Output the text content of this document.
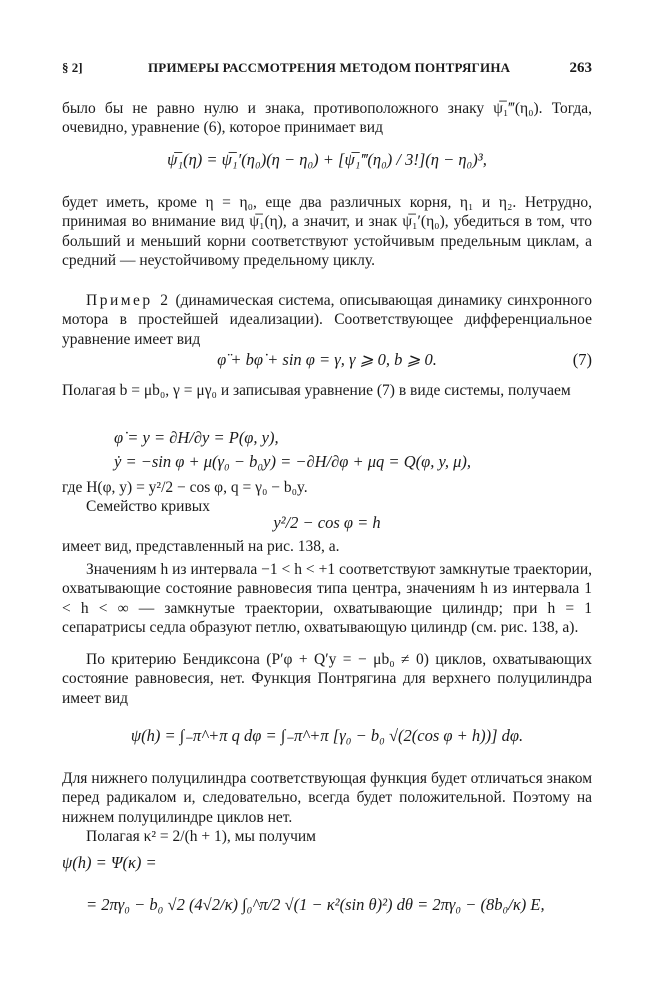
§ 2]	ПРИМЕРЫ РАССМОТРЕНИЯ МЕТОДОМ ПОНТРЯГИНА	263
было бы не равно нулю и знака, противоположного знаку ψ̅₁‴(η₀). Тогда, очевидно, уравнение (6), которое принимает вид
ψ̅₁(η) = ψ̅₁′(η₀)(η − η₀) + [ψ̅₁‴(η₀) / 3!](η − η₀)³,
будет иметь, кроме η = η₀, еще два различных корня, η₁ и η₂. Нетрудно, принимая во внимание вид ψ̅₁(η), а значит, и знак ψ̅₁′(η₀), убедиться в том, что больший и меньший корни соответствуют устойчивым предельным циклам, а средний — неустойчивому предельному циклу.
Пример 2 (динамическая система, описывающая динамику синхронного мотора в простейшей идеализации). Соответствующее дифференциальное уравнение имеет вид
φ̈ + bφ̇ + sin φ = γ, γ ⩾ 0, b ⩾ 0.	(7)
Полагая b = μb₀, γ = μγ₀ и записывая уравнение (7) в виде системы, получаем
φ̇ = y = ∂H/∂y = P(φ, y),
ẏ = −sin φ + μ(γ₀ − b₀y) = −∂H/∂φ + μq = Q(φ, y, μ),
где H(φ, y) = y²/2 − cos φ, q = γ₀ − b₀y.
Семейство кривых
y²/2 − cos φ = h
имеет вид, представленный на рис. 138, а.
Значениям h из интервала −1 < h < +1 соответствуют замкнутые траектории, охватывающие состояние равновесия типа центра, значениям h из интервала 1 < h < ∞ — замкнутые траектории, охватывающие цилиндр; при h = 1 сепаратрисы седла образуют петлю, охватывающую цилиндр (см. рис. 138, а).
По критерию Бендиксона (P′φ + Q′y = − μb₀ ≠ 0) циклов, охватывающих состояние равновесия, нет. Функция Понтрягина для верхнего полуцилиндра имеет вид
ψ(h) = ∫₋π^+π q dφ = ∫₋π^+π [γ₀ − b₀ √(2(cos φ + h))] dφ.
Для нижнего полуцилиндра соответствующая функция будет отличаться знаком перед радикалом и, следовательно, всегда будет положительной. Поэтому на нижнем полуцилиндре циклов нет.
Полагая κ² = 2/(h + 1), мы получим
ψ(h) = Ψ(κ) =
= 2πγ₀ − b₀ √2 (4√2/κ) ∫₀^π/2 √(1 − κ²(sin θ)²) dθ = 2πγ₀ − (8b₀/κ) E,
